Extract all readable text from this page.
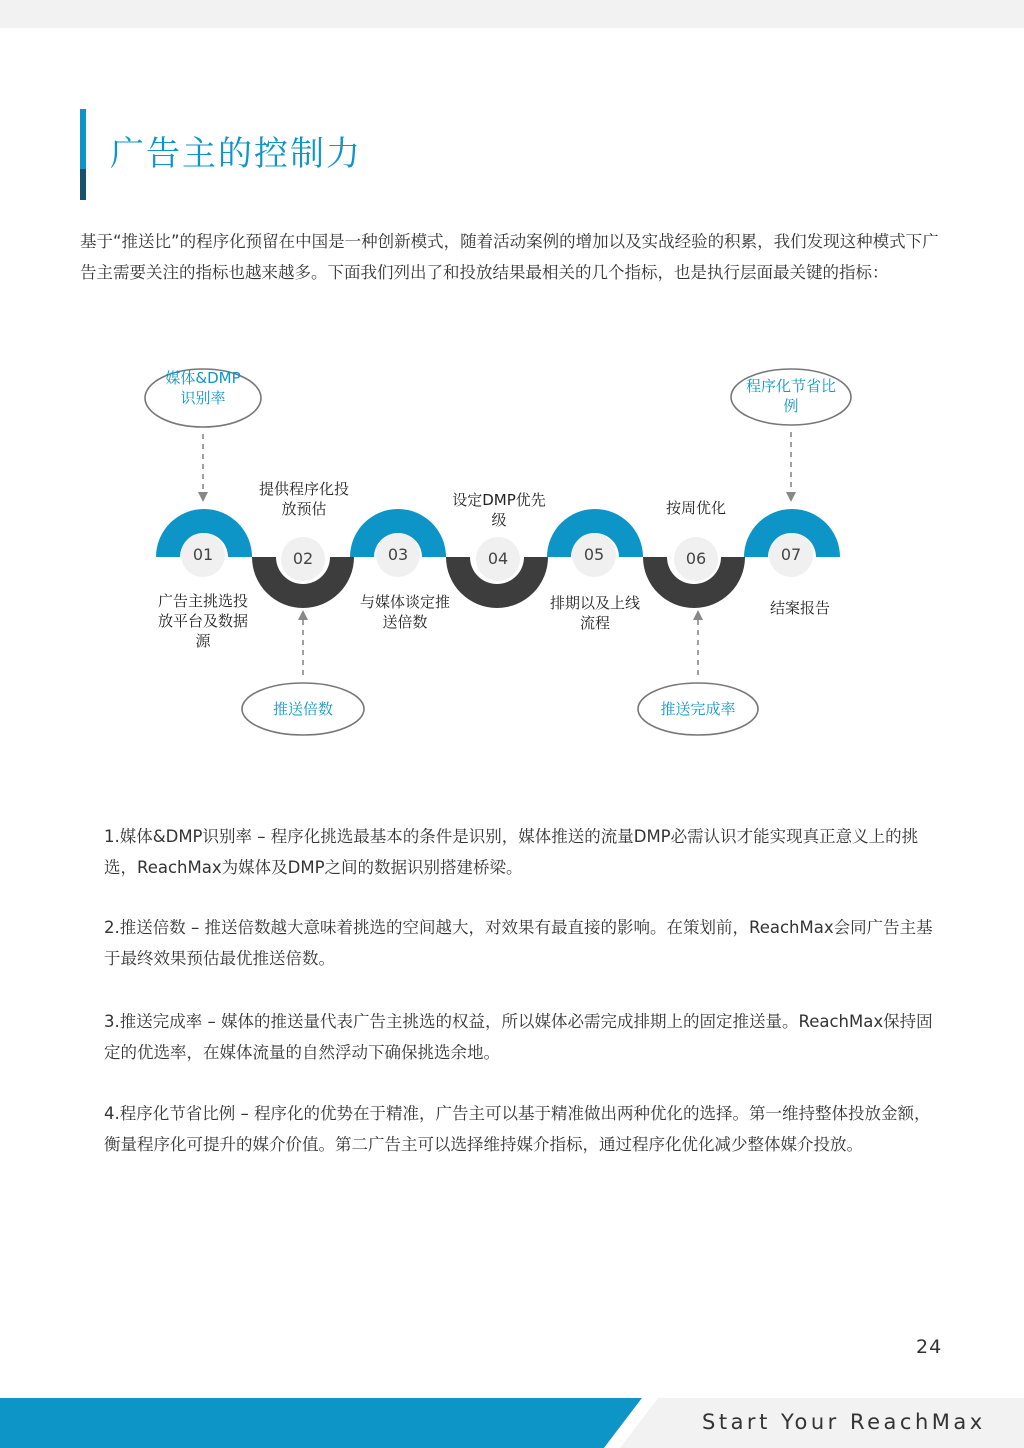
广告主的控制力
基于“推送比”的程序化预留在中国是一种创新模式，随着活动案例的增加以及实战经验的积累，我们发现这种模式下广告主需要关注的指标也越来越多。下面我们列出了和投放结果最相关的几个指标，也是执行层面最关键的指标：
01	02	03	04	05	06	07
广告主挑选投放平台及数据源
提供程序化投放预估
与媒体谈定推送倍数
设定DMP优先级
排期以及上线流程
按周优化
结案报告
媒体&DMP识别率
程序化节省比例
推送倍数	推送完成率
1.媒体&DMP识别率 – 程序化挑选最基本的条件是识别，媒体推送的流量DMP必需认识才能实现真正意义上的挑选，ReachMax为媒体及DMP之间的数据识别搭建桥梁。
2.推送倍数 – 推送倍数越大意味着挑选的空间越大，对效果有最直接的影响。在策划前，ReachMax会同广告主基于最终效果预估最优推送倍数。
3.推送完成率 – 媒体的推送量代表广告主挑选的权益，所以媒体必需完成排期上的固定推送量。ReachMax保持固定的优选率，在媒体流量的自然浮动下确保挑选余地。
4.程序化节省比例 – 程序化的优势在于精准，广告主可以基于精准做出两种优化的选择。第一维持整体投放金额，衡量程序化可提升的媒介价值。第二广告主可以选择维持媒介指标，通过程序化优化减少整体媒介投放。
24
Start Your ReachMax
